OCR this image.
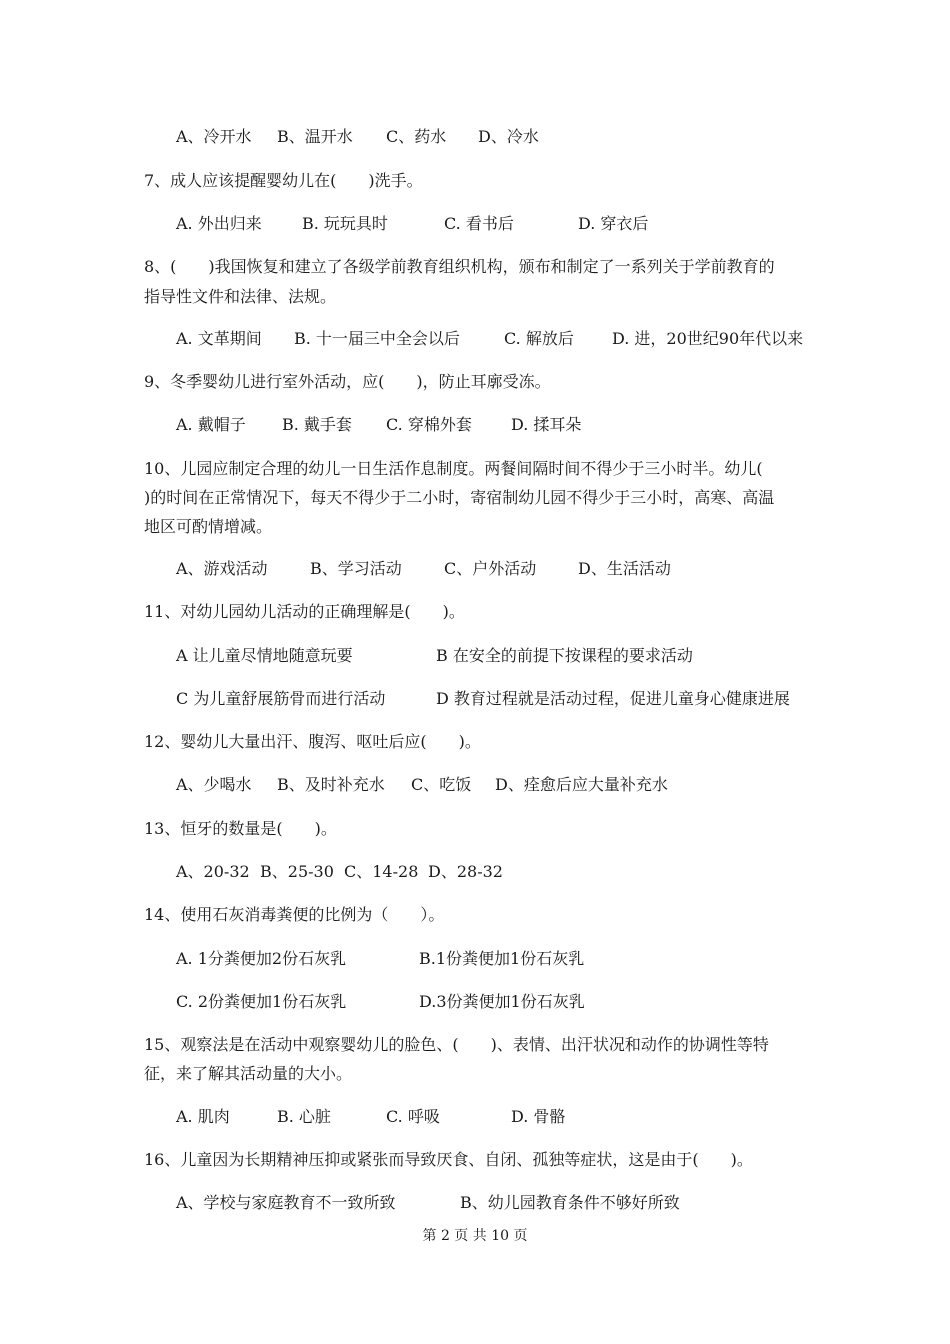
A、冷开水 B、温开水 C、药水 D、冷水
7、成人应该提醒婴幼儿在(　　)洗手。
A. 外出归来	B. 玩玩具时	C. 看书后	D. 穿衣后
8、(　　)我国恢复和建立了各级学前教育组织机构，颁布和制定了一系列关于学前教育的
指导性文件和法律、法规。
A. 文革期间 B. 十一届三中全会以后	C. 解放后 D. 进，20世纪90年代以来
9、冬季婴幼儿进行室外活动，应(　　)，防止耳廓受冻。
A. 戴帽子 B. 戴手套 C. 穿棉外套 D. 揉耳朵
10、儿园应制定合理的幼儿一日生活作息制度。两餐间隔时间不得少于三小时半。幼儿(
)的时间在正常情况下，每天不得少于二小时，寄宿制幼儿园不得少于三小时，高寒、高温
地区可酌情增减。
A、游戏活动	B、学习活动	C、户外活动	D、生活活动
11、对幼儿园幼儿活动的正确理解是(　　)。
A 让儿童尽情地随意玩要	B 在安全的前提下按课程的要求活动
C 为儿童舒展筋骨而进行活动	D 教育过程就是活动过程，促进儿童身心健康进展
12、婴幼儿大量出汗、腹泻、呕吐后应(　　)。
A、少喝水 B、及时补充水 C、吃饭 D、痊愈后应大量补充水
13、恒牙的数量是(　　)。
A、20-32 B、25-30 C、14-28 D、28-32
14、使用石灰消毒粪便的比例为（　　）。
A. 1分粪便加2份石灰乳	B.1份粪便加1份石灰乳
C. 2份粪便加1份石灰乳	D.3份粪便加1份石灰乳
15、观察法是在活动中观察婴幼儿的脸色、(　　)、表情、出汗状况和动作的协调性等特
征，来了解其活动量的大小。
A. 肌肉	B. 心脏	C. 呼吸	D. 骨骼
16、儿童因为长期精神压抑或紧张而导致厌食、自闭、孤独等症状，这是由于(　　)。
A、学校与家庭教育不一致所致	B、幼儿园教育条件不够好所致
第 2 页 共 10 页
